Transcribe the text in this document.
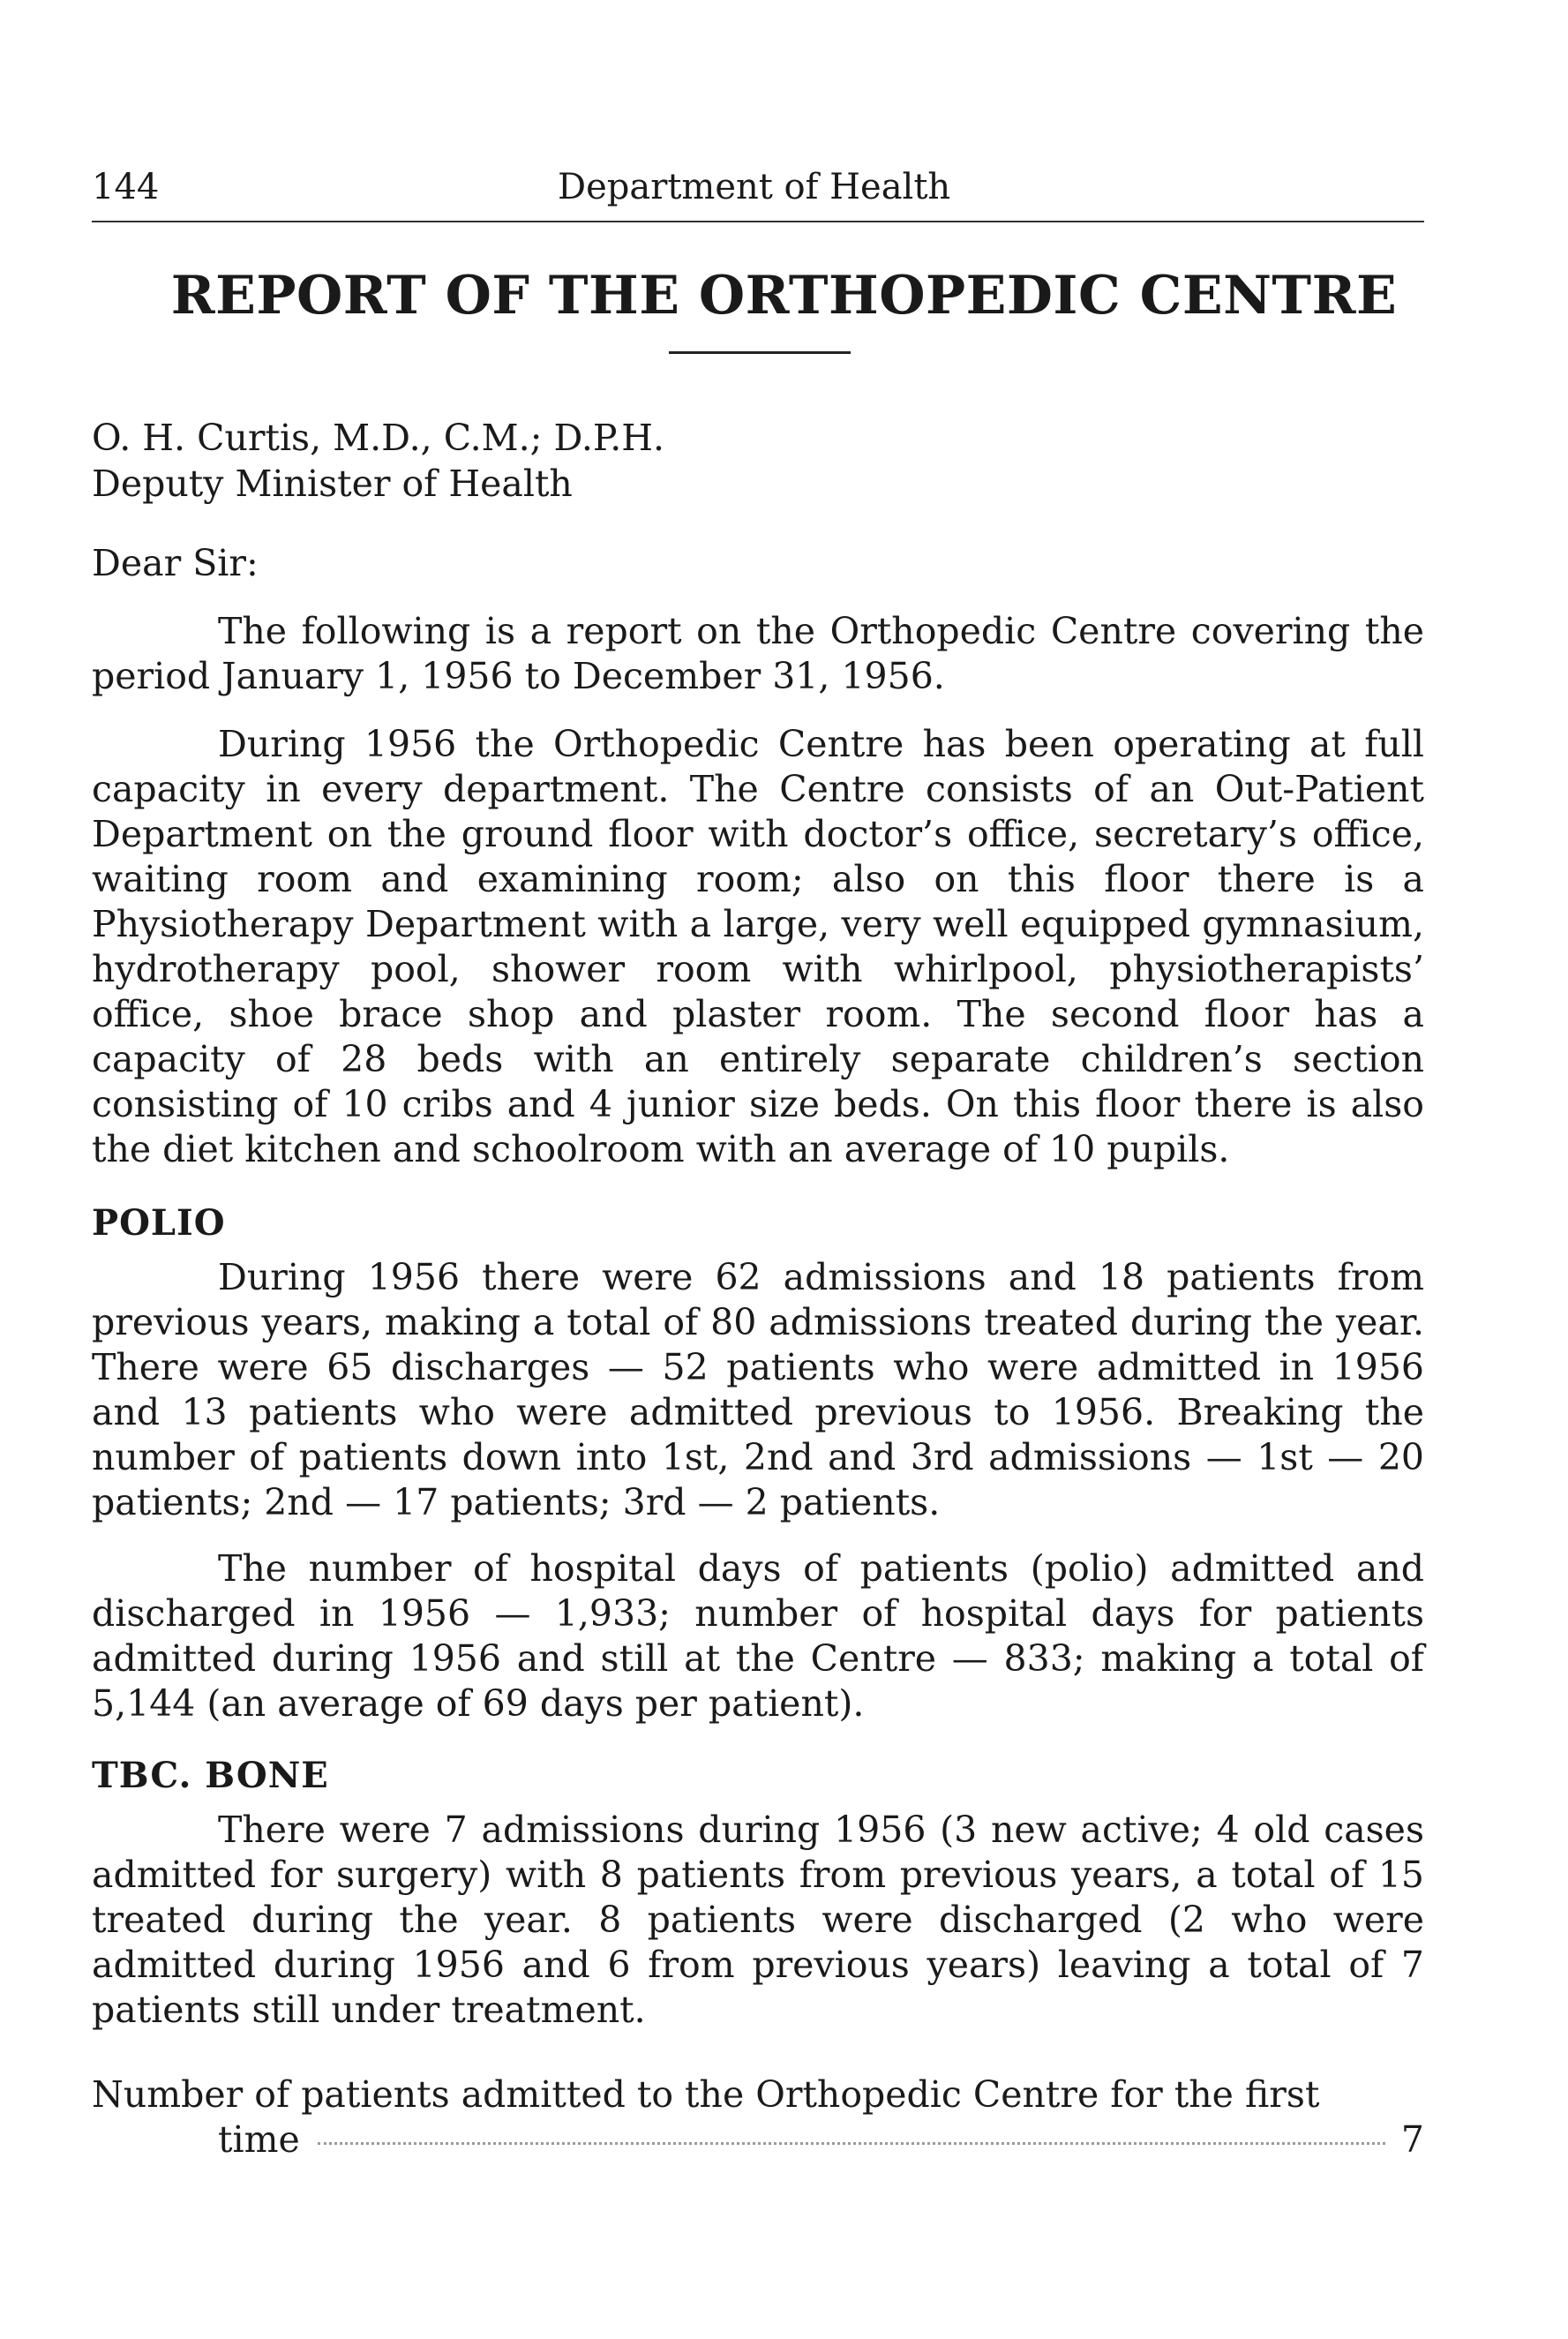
144	Department of Health
REPORT OF THE ORTHOPEDIC CENTRE
O. H. Curtis, M.D., C.M.; D.P.H.
Deputy Minister of Health
Dear Sir:

The following is a report on the Orthopedic Centre covering the period January 1, 1956 to December 31, 1956.

During 1956 the Orthopedic Centre has been operating at full capacity in every department. The Centre consists of an Out-Patient Department on the ground floor with doctor’s office, secretary’s office, waiting room and examining room; also on this floor there is a Physiotherapy Department with a large, very well equipped gymnasium, hydrotherapy pool, shower room with whirlpool, physiotherapists’ office, shoe brace shop and plaster room. The second floor has a capacity of 28 beds with an entirely separate children’s section consisting of 10 cribs and 4 junior size beds. On this floor there is also the diet kitchen and schoolroom with an average of 10 pupils.

POLIO

During 1956 there were 62 admissions and 18 patients from previous years, making a total of 80 admissions treated during the year. There were 65 discharges — 52 patients who were admitted in 1956 and 13 patients who were admitted previous to 1956. Breaking the number of patients down into 1st, 2nd and 3rd admissions — 1st — 20 patients; 2nd — 17 patients; 3rd — 2 patients.

The number of hospital days of patients (polio) admitted and discharged in 1956 — 1,933; number of hospital days for patients admitted during 1956 and still at the Centre — 833; making a total of 5,144 (an average of 69 days per patient).

TBC. BONE

There were 7 admissions during 1956 (3 new active; 4 old cases admitted for surgery) with 8 patients from previous years, a total of 15 treated during the year. 8 patients were discharged (2 who were admitted during 1956 and 6 from previous years) leaving a total of 7 patients still under treatment.

Number of patients admitted to the Orthopedic Centre for the first
time	7
